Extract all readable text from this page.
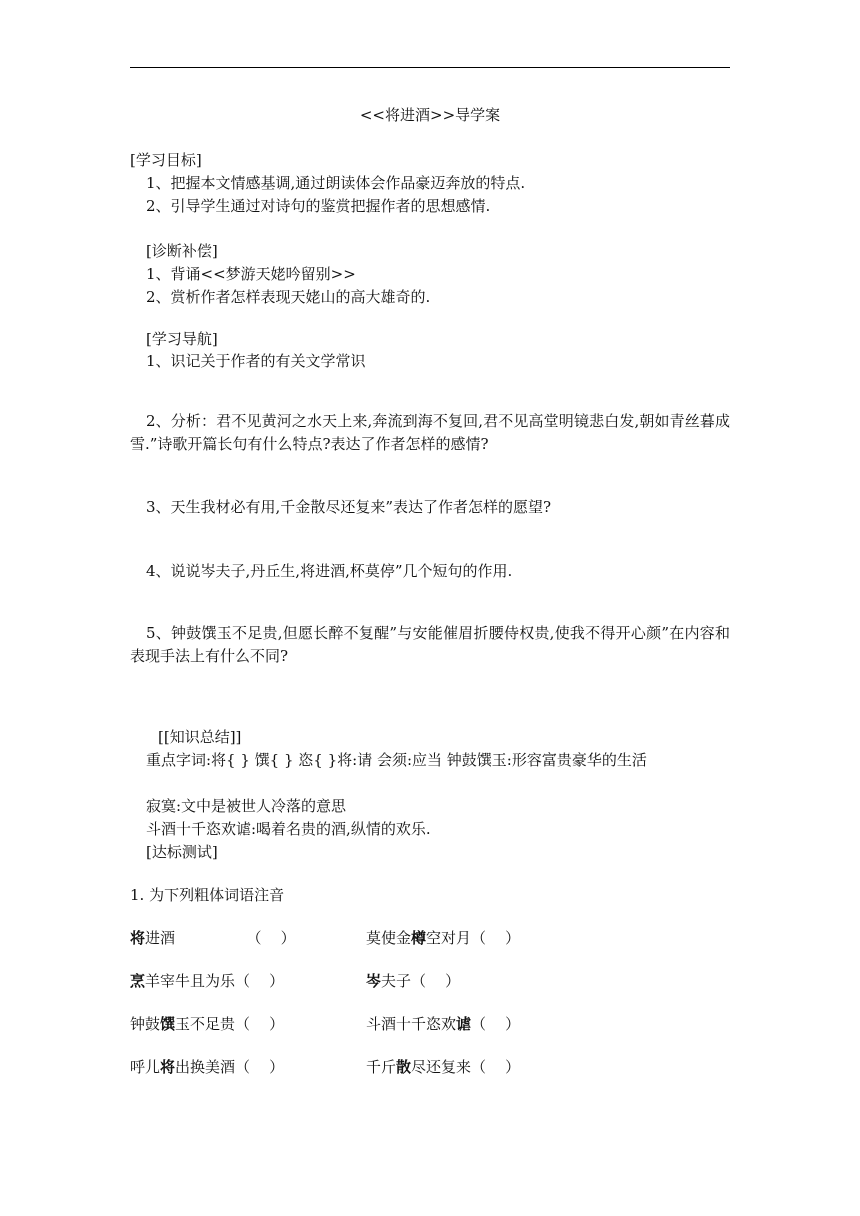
<<将进酒>>导学案
[学习目标]
1、把握本文情感基调,通过朗读体会作品豪迈奔放的特点.
2、引导学生通过对诗句的鉴赏把握作者的思想感情.
[诊断补偿]
1、背诵<<梦游天姥吟留别>>
2、赏析作者怎样表现天姥山的高大雄奇的.
[学习导航]
1、识记关于作者的有关文学常识
2、分析：君不见黄河之水天上来,奔流到海不复回,君不见高堂明镜悲白发,朝如青丝暮成雪.”诗歌开篇长句有什么特点?表达了作者怎样的感情?
3、天生我材必有用,千金散尽还复来”表达了作者怎样的愿望?
4、说说岑夫子,丹丘生,将进酒,杯莫停”几个短句的作用.
5、钟鼓馔玉不足贵,但愿长醉不复醒”与安能催眉折腰侍权贵,使我不得开心颜”在内容和表现手法上有什么不同?
[[知识总结]]
重点字词:将{ } 馔{ } 恣{ }将:请 会须:应当 钟鼓馔玉:形容富贵豪华的生活
寂寞:文中是被世人冷落的意思
斗酒十千恣欢谑:喝着名贵的酒,纵情的欢乐.
[达标测试]
1. 为下列粗体词语注音
将进酒               （    ）	莫使金樽空对月（    ）
烹羊宰牛且为乐（    ）	岑夫子（    ）
钟鼓馔玉不足贵（    ）	斗酒十千恣欢谑（    ）
呼儿将出换美酒（    ）	千斤散尽还复来（    ）
